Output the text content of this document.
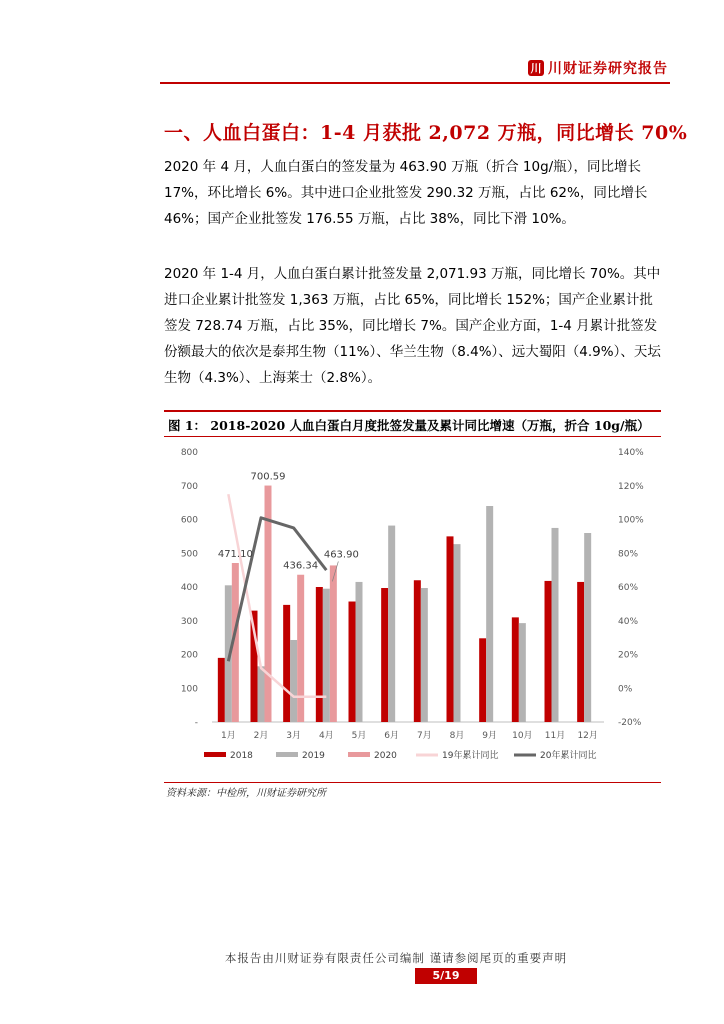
川 川财证券研究报告
一、人血白蛋白：1-4 月获批 2,072 万瓶，同比增长 70%
2020 年 4 月，人血白蛋白的签发量为 463.90 万瓶（折合 10g/瓶），同比增长 17%，环比增长 6%。其中进口企业批签发 290.32 万瓶，占比 62%，同比增长 46%；国产企业批签发 176.55 万瓶，占比 38%，同比下滑 10%。
2020 年 1-4 月，人血白蛋白累计批签发量 2,071.93 万瓶，同比增长 70%。其中进口企业累计批签发 1,363 万瓶，占比 65%，同比增长 152%；国产企业累计批签发 728.74 万瓶，占比 35%，同比增长 7%。国产企业方面，1-4 月累计批签发份额最大的依次是泰邦生物（11%）、华兰生物（8.4%）、远大蜀阳（4.9%）、天坛生物（4.3%）、上海莱士（2.8%）。
图 1： 2018-2020 人血白蛋白月度批签发量及累计同比增速（万瓶，折合 10g/瓶）
-
100
200
300
400
500
600
700
800
-20%
0%
20%
40%
60%
80%
100%
120%
140%
1月 2月 3月 4月 5月 6月 7月 8月 9月 10月 11月 12月
471.10
700.59
436.34
463.90
2018	2019	2020	19年累计同比	20年累计同比
资料来源：中检所，川财证券研究所
本报告由川财证券有限责任公司编制 谨请参阅尾页的重要声明
5/19
